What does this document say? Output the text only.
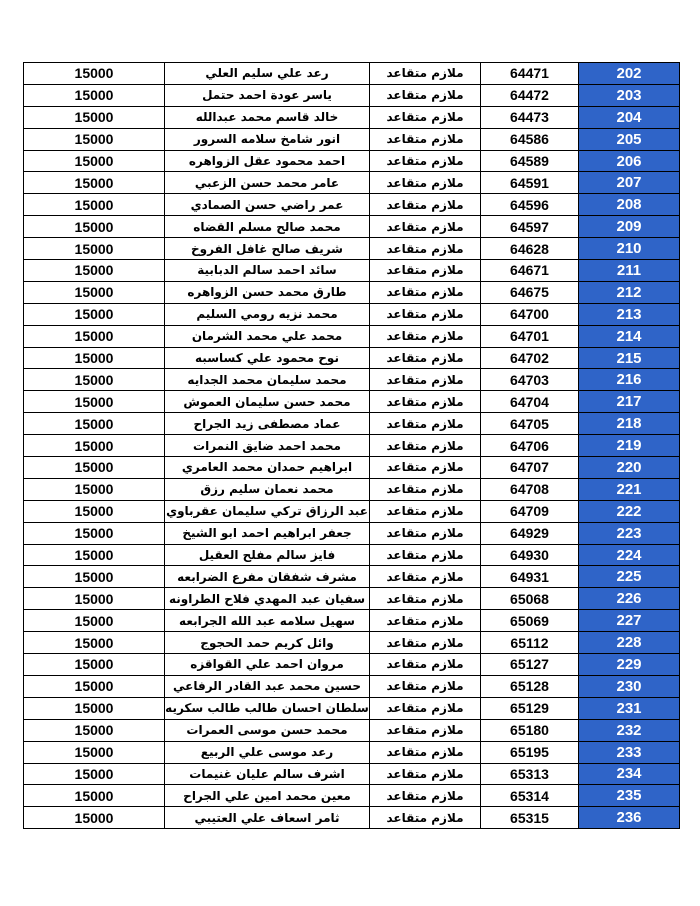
15000	رعد علي سليم العلي	ملازم متقاعد	64471	202
15000	ياسر عودة احمد حتمل	ملازم متقاعد	64472	203
15000	خالد قاسم محمد عبدالله	ملازم متقاعد	64473	204
15000	انور شامخ سلامه السرور	ملازم متقاعد	64586	205
15000	احمد محمود عقل الزواهره	ملازم متقاعد	64589	206
15000	عامر محمد حسن الزعبي	ملازم متقاعد	64591	207
15000	عمر راضي حسن الصمادي	ملازم متقاعد	64596	208
15000	محمد صالح مسلم القضاه	ملازم متقاعد	64597	209
15000	شريف صالح غافل الفروخ	ملازم متقاعد	64628	210
15000	سائد احمد سالم الدبابية	ملازم متقاعد	64671	211
15000	طارق محمد حسن الزواهره	ملازم متقاعد	64675	212
15000	محمد نزيه رومي السليم	ملازم متقاعد	64700	213
15000	محمد علي محمد الشرمان	ملازم متقاعد	64701	214
15000	نوح محمود علي كساسبه	ملازم متقاعد	64702	215
15000	محمد سليمان محمد الجدايه	ملازم متقاعد	64703	216
15000	محمد حسن سليمان العموش	ملازم متقاعد	64704	217
15000	عماد مصطفى زيد الجراح	ملازم متقاعد	64705	218
15000	محمد احمد ضايق النمرات	ملازم متقاعد	64706	219
15000	ابراهيم حمدان محمد العامري	ملازم متقاعد	64707	220
15000	محمد نعمان سليم رزق	ملازم متقاعد	64708	221
15000	عبد الرزاق تركي سليمان عقرباوي	ملازم متقاعد	64709	222
15000	جعفر ابراهيم احمد ابو الشيخ	ملازم متقاعد	64929	223
15000	فايز سالم مفلح العقيل	ملازم متقاعد	64930	224
15000	مشرف شفقان مفرع الضرابعه	ملازم متقاعد	64931	225
15000	سفيان عبد المهدي فلاح الطراونه	ملازم متقاعد	65068	226
15000	سهيل سلامه عبد الله الجرابعه	ملازم متقاعد	65069	227
15000	وائل كريم حمد الحجوج	ملازم متقاعد	65112	228
15000	مروان احمد علي القواقزه	ملازم متقاعد	65127	229
15000	حسين محمد عبد القادر الرفاعي	ملازم متقاعد	65128	230
15000	سلطان احسان طالب طالب سكريه	ملازم متقاعد	65129	231
15000	محمد حسن موسى العمرات	ملازم متقاعد	65180	232
15000	رعد موسى علي الربيع	ملازم متقاعد	65195	233
15000	اشرف سالم عليان غنيمات	ملازم متقاعد	65313	234
15000	معين محمد امين علي الجراح	ملازم متقاعد	65314	235
15000	ثامر اسعاف علي العتيبي	ملازم متقاعد	65315	236
